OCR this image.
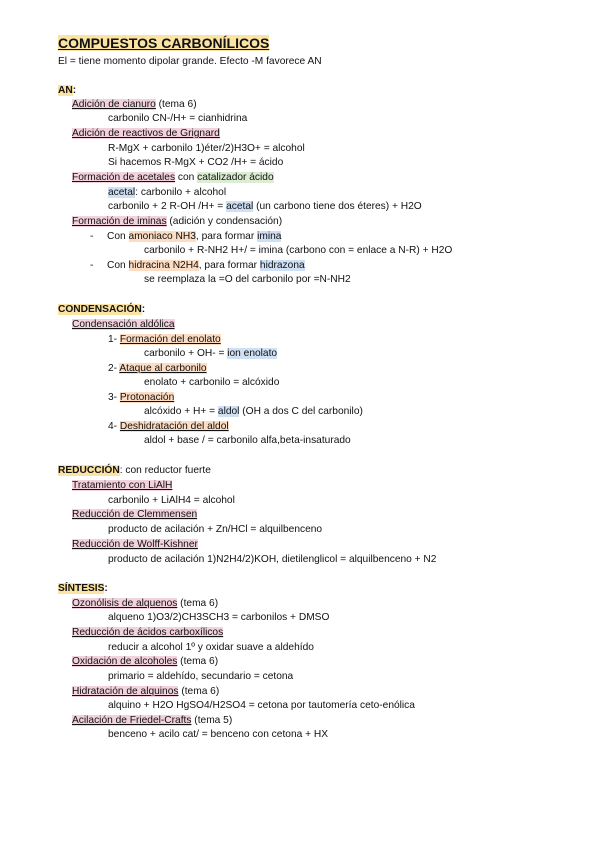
COMPUESTOS CARBONÍLICOS
El = tiene momento dipolar grande. Efecto -M favorece AN
AN:
Adición de cianuro (tema 6)
carbonilo CN-/H+ = cianhidrina
Adición de reactivos de Grignard
R-MgX + carbonilo 1)éter/2)H3O+ = alcohol
Si hacemos R-MgX + CO2 /H+ = ácido
Formación de acetales con catalizador ácido
acetal: carbonilo + alcohol
carbonilo + 2 R-OH /H+ = acetal (un carbono tiene dos éteres) + H2O
Formación de iminas (adición y condensación)
- Con amoniaco NH3, para formar imina
carbonilo + R-NH2 H+/ = imina (carbono con = enlace a N-R) + H2O
- Con hidracina N2H4, para formar hidrazona
se reemplaza la =O del carbonilo por =N-NH2
CONDENSACIÓN:
Condensación aldólica
1- Formación del enolato
carbonilo + OH- = ion enolato
2- Ataque al carbonilo
enolato + carbonilo = alcóxido
3- Protonación
alcóxido + H+ = aldol (OH a dos C del carbonilo)
4- Deshidratación del aldol
aldol + base / = carbonilo alfa,beta-insaturado
REDUCCIÓN: con reductor fuerte
Tratamiento con LiAlH
carbonilo + LiAlH4 = alcohol
Reducción de Clemmensen
producto de acilación + Zn/HCl = alquilbenceno
Reducción de Wolff-Kishner
producto de acilación 1)N2H4/2)KOH, dietilenglicol = alquilbenceno + N2
SÍNTESIS:
Ozonólisis de alquenos (tema 6)
alqueno 1)O3/2)CH3SCH3 = carbonilos + DMSO
Reducción de ácidos carboxílicos
reducir a alcohol 1º y oxidar suave a aldehído
Oxidación de alcoholes (tema 6)
primario = aldehído, secundario = cetona
Hidratación de alquinos (tema 6)
alquino + H2O HgSO4/H2SO4 = cetona por tautomería ceto-enólica
Acilación de Friedel-Crafts (tema 5)
benceno + acilo cat/ = benceno con cetona + HX
